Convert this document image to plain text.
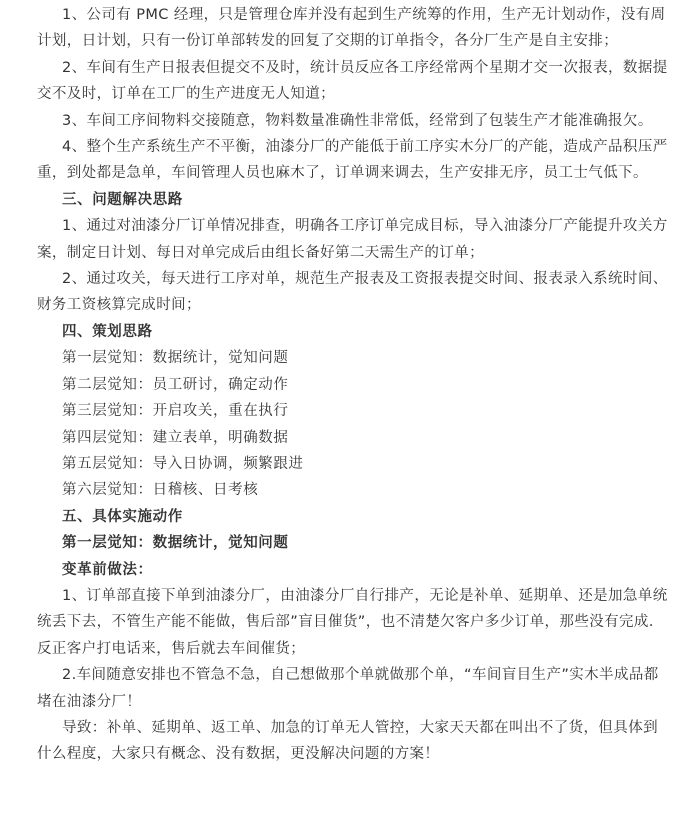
1、公司有 PMC 经理，只是管理仓库并没有起到生产统筹的作用，生产无计划动作，没有周计划，日计划，只有一份订单部转发的回复了交期的订单指令，各分厂生产是自主安排；

2、车间有生产日报表但提交不及时，统计员反应各工序经常两个星期才交一次报表，数据提交不及时，订单在工厂的生产进度无人知道；

3、车间工序间物料交接随意，物料数量准确性非常低，经常到了包装生产才能准确报欠。

4、整个生产系统生产不平衡，油漆分厂的产能低于前工序实木分厂的产能，造成产品积压严重，到处都是急单，车间管理人员也麻木了，订单调来调去，生产安排无序，员工士气低下。

三、问题解决思路

1、通过对油漆分厂订单情况排查，明确各工序订单完成目标，导入油漆分厂产能提升攻关方案，制定日计划、每日对单完成后由组长备好第二天需生产的订单；

2、通过攻关，每天进行工序对单，规范生产报表及工资报表提交时间、报表录入系统时间、财务工资核算完成时间；

四、策划思路

第一层觉知：数据统计，觉知问题

第二层觉知：员工研讨，确定动作

第三层觉知：开启攻关，重在执行

第四层觉知：建立表单，明确数据

第五层觉知：导入日协调，频繁跟进

第六层觉知：日稽核、日考核

五、具体实施动作

第一层觉知：数据统计，觉知问题

变革前做法：

1、订单部直接下单到油漆分厂，由油漆分厂自行排产，无论是补单、延期单、还是加急单统统丢下去，不管生产能不能做，售后部”盲目催货”，也不清楚欠客户多少订单，那些没有完成．反正客户打电话来，售后就去车间催货；

2.车间随意安排也不管急不急，自己想做那个单就做那个单，“车间盲目生产”实木半成品都堵在油漆分厂！

导致：补单、延期单、返工单、加急的订单无人管控，大家天天都在叫出不了货，但具体到什么程度，大家只有概念、没有数据，更没解决问题的方案！
